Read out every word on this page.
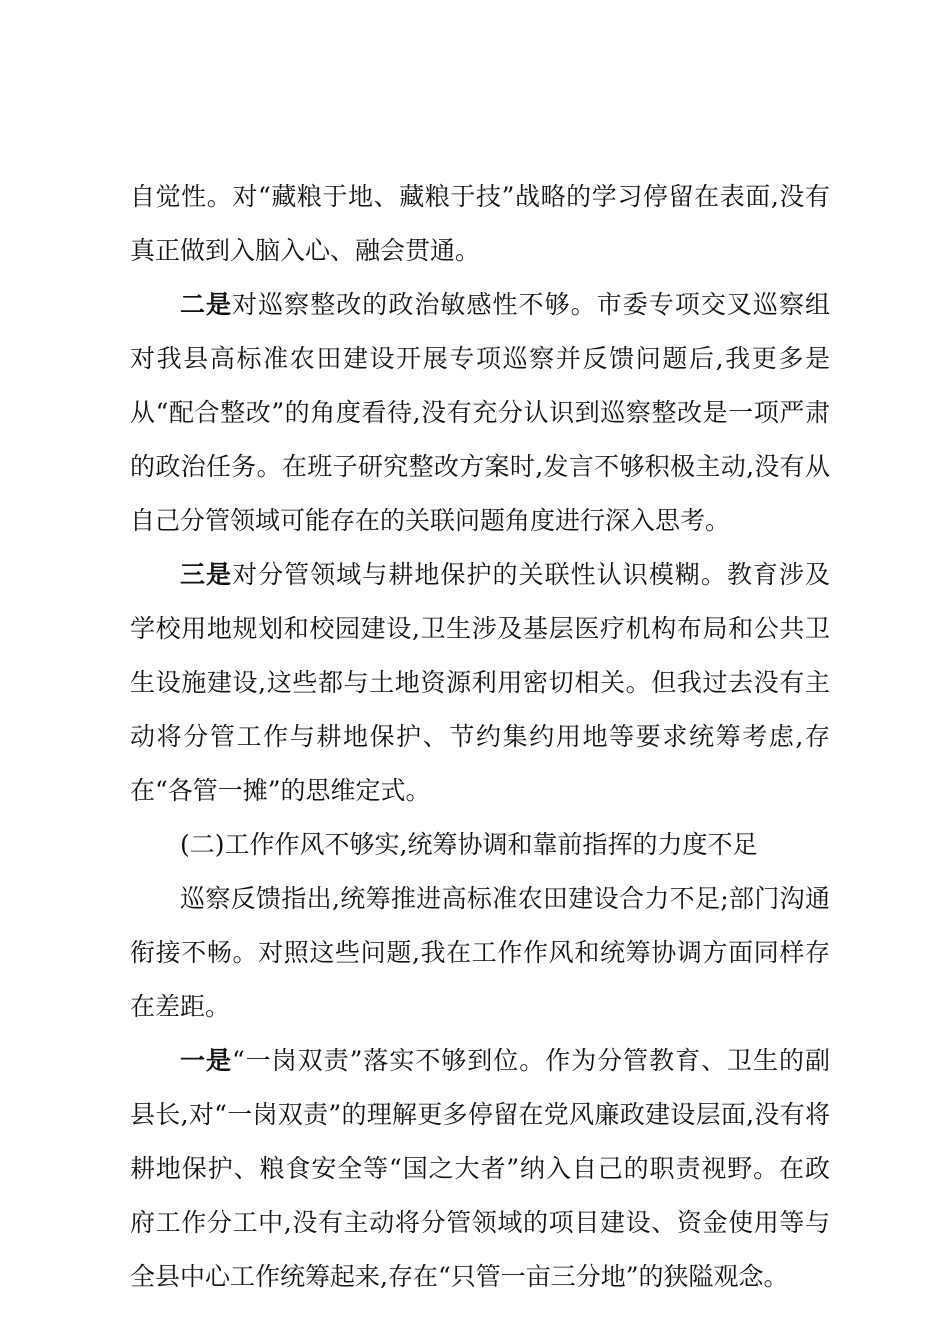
自觉性。对“藏粮于地、藏粮于技”战略的学习停留在表面,没有真正做到入脑入心、融会贯通。

二是对巡察整改的政治敏感性不够。市委专项交叉巡察组对我县高标准农田建设开展专项巡察并反馈问题后,我更多是从“配合整改”的角度看待,没有充分认识到巡察整改是一项严肃的政治任务。在班子研究整改方案时,发言不够积极主动,没有从自己分管领域可能存在的关联问题角度进行深入思考。

三是对分管领域与耕地保护的关联性认识模糊。教育涉及学校用地规划和校园建设,卫生涉及基层医疗机构布局和公共卫生设施建设,这些都与土地资源利用密切相关。但我过去没有主动将分管工作与耕地保护、节约集约用地等要求统筹考虑,存在“各管一摊”的思维定式。

(二)工作作风不够实,统筹协调和靠前指挥的力度不足

巡察反馈指出,统筹推进高标准农田建设合力不足;部门沟通衔接不畅。对照这些问题,我在工作作风和统筹协调方面同样存在差距。

一是“一岗双责”落实不够到位。作为分管教育、卫生的副县长,对“一岗双责”的理解更多停留在党风廉政建设层面,没有将耕地保护、粮食安全等“国之大者”纳入自己的职责视野。在政府工作分工中,没有主动将分管领域的项目建设、资金使用等与全县中心工作统筹起来,存在“只管一亩三分地”的狭隘观念。
